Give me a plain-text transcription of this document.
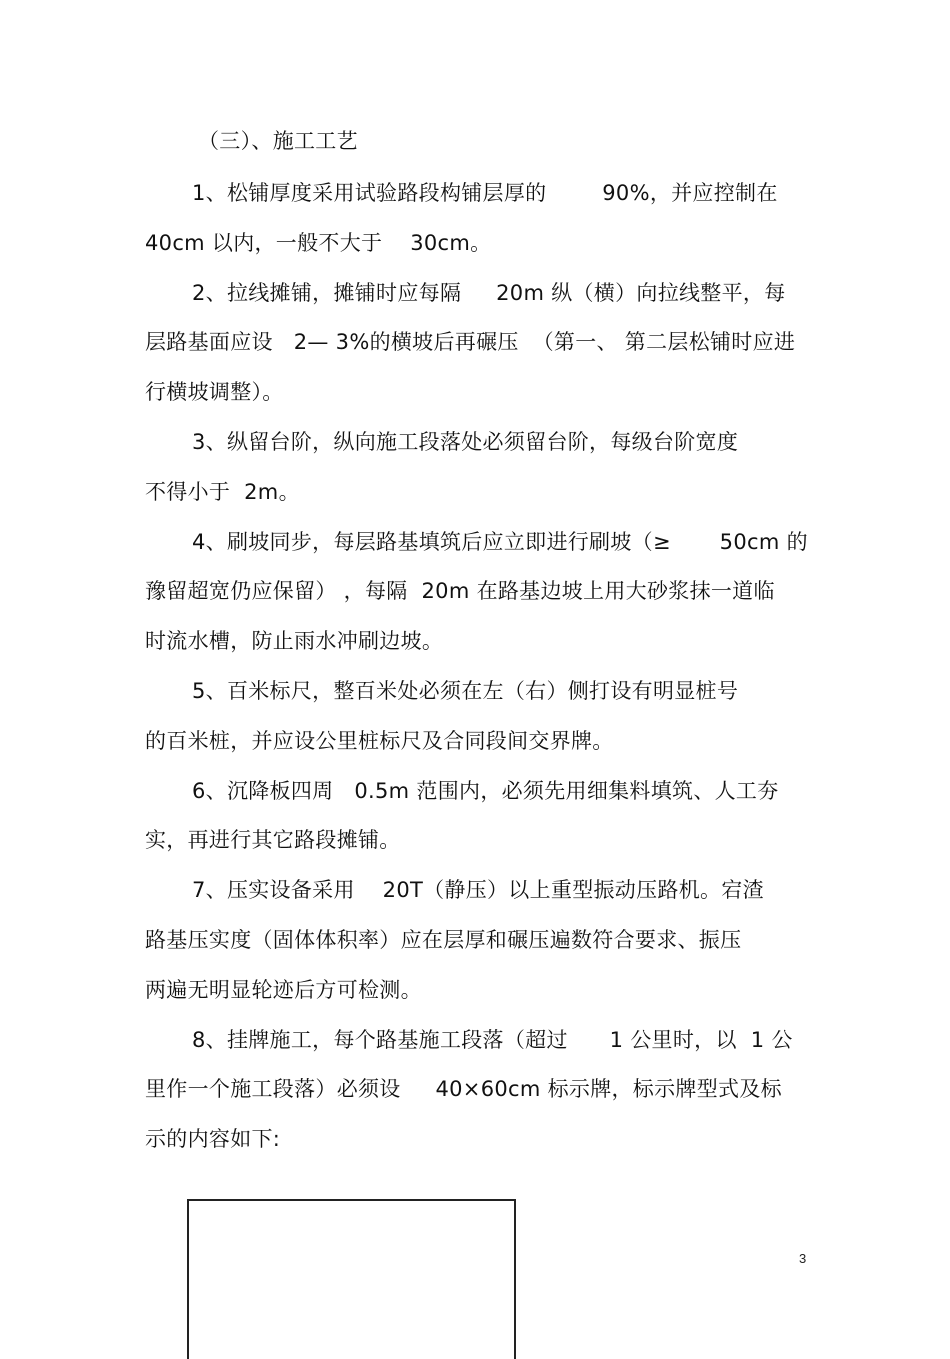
（三）、施工工艺
1、松铺厚度采用试验路段构铺层厚的        90%，并应控制在
40cm 以内，一般不大于    30cm。
2、拉线摊铺，摊铺时应每隔     20m 纵（横）向拉线整平，每
层路基面应设   2— 3%的横坡后再碾压  （第一、 第二层松铺时应进
行横坡调整）。
3、纵留台阶，纵向施工段落处必须留台阶，每级台阶宽度
不得小于  2m。
4、刷坡同步，每层路基填筑后应立即进行刷坡（≥       50cm 的
豫留超宽仍应保留） ，每隔  20m 在路基边坡上用大砂浆抹一道临
时流水槽，防止雨水冲刷边坡。
5、百米标尺，整百米处必须在左（右）侧打设有明显桩号
的百米桩，并应设公里桩标尺及合同段间交界牌。
6、沉降板四周   0.5m 范围内，必须先用细集料填筑、人工夯
实，再进行其它路段摊铺。
7、压实设备采用    20T（静压）以上重型振动压路机。宕渣
路基压实度（固体体积率）应在层厚和碾压遍数符合要求、振压
两遍无明显轮迹后方可检测。
8、挂牌施工，每个路基施工段落（超过      1 公里时，以  1 公
里作一个施工段落）必须设     40×60cm 标示牌，标示牌型式及标
示的内容如下:
3
